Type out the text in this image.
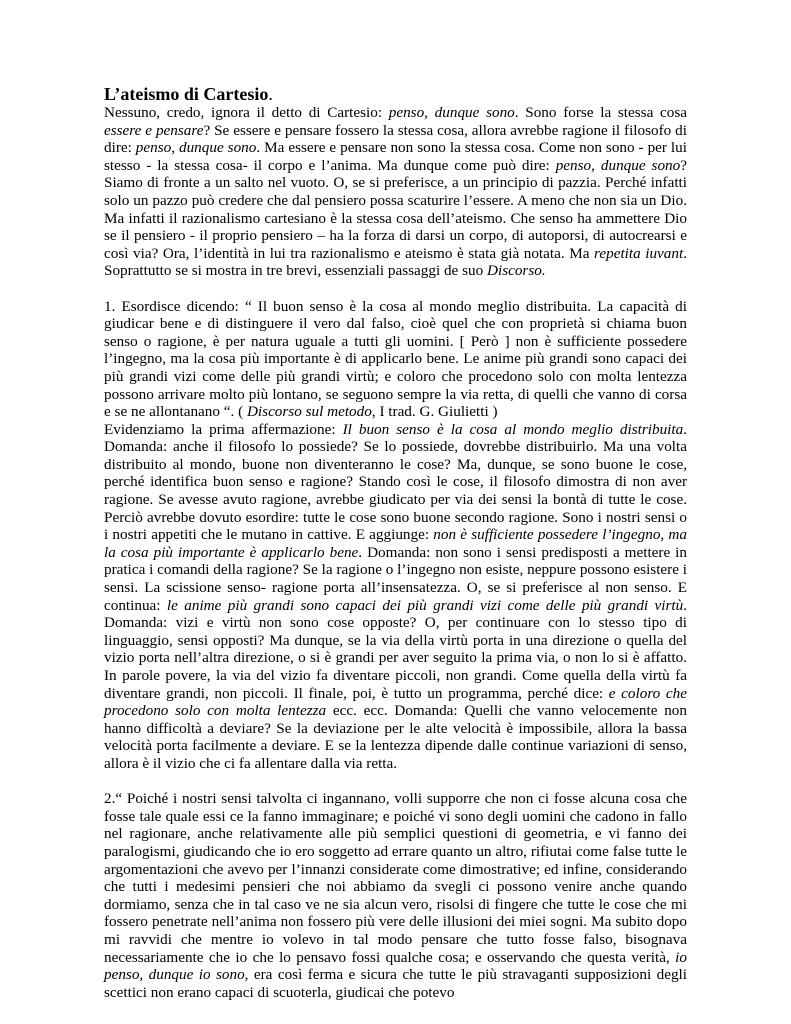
L’ateismo di Cartesio.

Nessuno, credo, ignora il detto di Cartesio: penso, dunque sono. Sono forse la stessa cosa essere e pensare? Se essere e pensare fossero la stessa cosa, allora avrebbe ragione il filosofo di dire: penso, dunque sono. Ma essere e pensare non sono la stessa cosa. Come non sono - per lui stesso - la stessa cosa- il corpo e l’anima. Ma dunque come può dire: penso, dunque sono? Siamo di fronte a un salto nel vuoto. O, se si preferisce, a un principio di pazzia. Perché infatti solo un pazzo può credere che dal pensiero possa scaturire l’essere. A meno che non sia un Dio. Ma infatti il razionalismo cartesiano è la stessa cosa dell’ateismo. Che senso ha ammettere Dio se il pensiero - il proprio pensiero – ha la forza di darsi un corpo, di autoporsi, di autocrearsi e così via? Ora, l’identità in lui tra razionalismo e ateismo è stata già notata. Ma repetita iuvant. Soprattutto se si mostra in tre brevi, essenziali passaggi de suo Discorso.

1. Esordisce dicendo: “ Il buon senso è la cosa al mondo meglio distribuita. La capacità di giudicar bene e di distinguere il vero dal falso, cioè quel che con proprietà si chiama buon senso o ragione, è per natura uguale a tutti gli uomini. [ Però ] non è sufficiente possedere l’ingegno, ma la cosa più importante è di applicarlo bene. Le anime più grandi sono capaci dei più grandi vizi come delle più grandi virtù; e coloro che procedono solo con molta lentezza possono arrivare molto più lontano, se seguono sempre la via retta, di quelli che vanno di corsa e se ne allontanano “. ( Discorso sul metodo, I trad. G. Giulietti )

Evidenziamo la prima affermazione: Il buon senso è la cosa al mondo meglio distribuita. Domanda: anche il filosofo lo possiede? Se lo possiede, dovrebbe distribuirlo. Ma una volta distribuito al mondo, buone non diventeranno le cose? Ma, dunque, se sono buone le cose, perché identifica buon senso e ragione? Stando così le cose, il filosofo dimostra di non aver ragione. Se avesse avuto ragione, avrebbe giudicato per via dei sensi la bontà di tutte le cose. Perciò avrebbe dovuto esordire: tutte le cose sono buone secondo ragione. Sono i nostri sensi o i nostri appetiti che le mutano in cattive. E aggiunge: non è sufficiente possedere l’ingegno, ma la cosa più importante è applicarlo bene. Domanda: non sono i sensi predisposti a mettere in pratica i comandi della ragione? Se la ragione o l’ingegno non esiste, neppure possono esistere i sensi. La scissione senso- ragione porta all’insensatezza. O, se si preferisce al non senso. E continua: le anime più grandi sono capaci dei più grandi vizi come delle più grandi virtù. Domanda: vizi e virtù non sono cose opposte? O, per continuare con lo stesso tipo di linguaggio, sensi opposti? Ma dunque, se la via della virtù porta in una direzione o quella del vizio porta nell’altra direzione, o si è grandi per aver seguito la prima via, o non lo si è affatto. In parole povere, la via del vizio fa diventare piccoli, non grandi. Come quella della virtù fa diventare grandi, non piccoli. Il finale, poi, è tutto un programma, perché dice: e coloro che procedono solo con molta lentezza ecc. ecc. Domanda: Quelli che vanno velocemente non hanno difficoltà a deviare? Se la deviazione per le alte velocità è impossibile, allora la bassa velocità porta facilmente a deviare. E se la lentezza dipende dalle continue variazioni di senso, allora è il vizio che ci fa allentare dalla via retta.

2.“ Poiché i nostri sensi talvolta ci ingannano, volli supporre che non ci fosse alcuna cosa che fosse tale quale essi ce la fanno immaginare; e poiché vi sono degli uomini che cadono in fallo nel ragionare, anche relativamente alle più semplici questioni di geometria, e vi fanno dei paralogismi, giudicando che io ero soggetto ad errare quanto un altro, rifiutai come false tutte le argomentazioni che avevo per l’innanzi considerate come dimostrative; ed infine, considerando che tutti i medesimi pensieri che noi abbiamo da svegli ci possono venire anche quando dormiamo, senza che in tal caso ve ne sia alcun vero, risolsi di fingere che tutte le cose che mi fossero penetrate nell’anima non fossero più vere delle illusioni dei miei sogni. Ma subito dopo mi ravvidi che mentre io volevo in tal modo pensare che tutto fosse falso, bisognava necessariamente che io che lo pensavo fossi qualche cosa; e osservando che questa verità, io penso, dunque io sono, era così ferma e sicura che tutte le più stravaganti supposizioni degli scettici non erano capaci di scuoterla, giudicai che potevo
